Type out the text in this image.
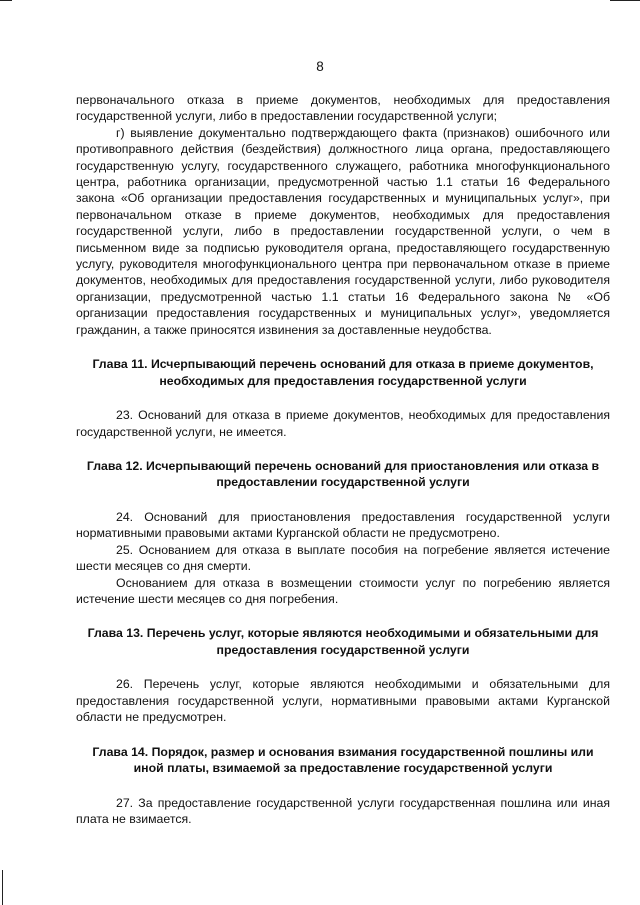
8

первоначального отказа в приеме документов, необходимых для предоставления государственной услуги, либо в предоставлении государственной услуги;

г) выявление документально подтверждающего факта (признаков) ошибочного или противоправного действия (бездействия) должностного лица органа, предоставляющего государственную услугу, государственного служащего, работника многофункционального центра, работника организации, предусмотренной частью 1.1 статьи 16 Федерального закона «Об организации предоставления государственных и муниципальных услуг», при первоначальном отказе в приеме документов, необходимых для предоставления государственной услуги, либо в предоставлении государственной услуги, о чем в письменном виде за подписью руководителя органа, предоставляющего государственную услугу, руководителя многофункционального центра при первоначальном отказе в приеме документов, необходимых для предоставления государственной услуги, либо руководителя организации, предусмотренной частью 1.1 статьи 16 Федерального закона № «Об организации предоставления государственных и муниципальных услуг», уведомляется гражданин, а также приносятся извинения за доставленные неудобства.

Глава 11. Исчерпывающий перечень оснований для отказа в приеме документов, необходимых для предоставления государственной услуги

23. Оснований для отказа в приеме документов, необходимых для предоставления государственной услуги, не имеется.

Глава 12. Исчерпывающий перечень оснований для приостановления или отказа в предоставлении государственной услуги

24. Оснований для приостановления предоставления государственной услуги нормативными правовыми актами Курганской области не предусмотрено.

25. Основанием для отказа в выплате пособия на погребение является истечение шести месяцев со дня смерти.

Основанием для отказа в возмещении стоимости услуг по погребению является истечение шести месяцев со дня погребения.

Глава 13. Перечень услуг, которые являются необходимыми и обязательными для предоставления государственной услуги

26. Перечень услуг, которые являются необходимыми и обязательными для предоставления государственной услуги, нормативными правовыми актами Курганской области не предусмотрен.

Глава 14. Порядок, размер и основания взимания государственной пошлины или иной платы, взимаемой за предоставление государственной услуги

27. За предоставление государственной услуги государственная пошлина или иная плата не взимается.
